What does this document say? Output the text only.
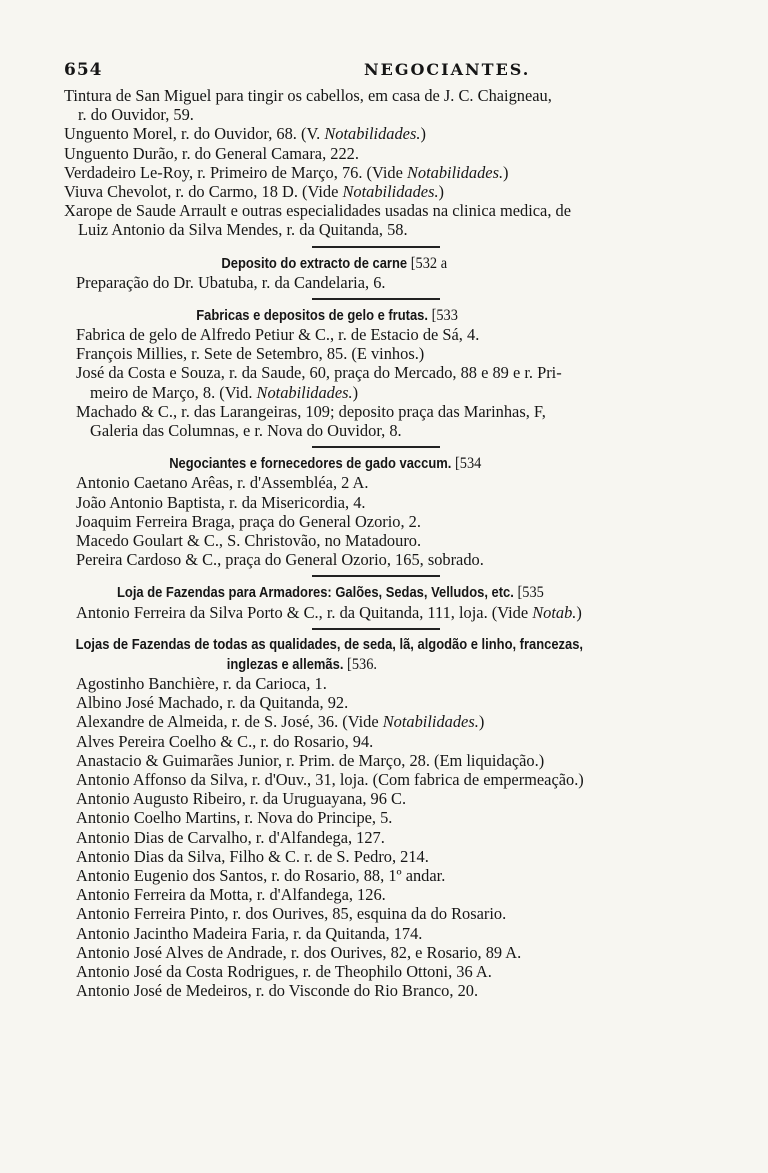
654	NEGOCIANTES.
Tintura de San Miguel para tingir os cabellos, em casa de J. C. Chaigneau,
r. do Ouvidor, 59.
Unguento Morel, r. do Ouvidor, 68. (V. Notabilidades.)
Unguento Durão, r. do General Camara, 222.
Verdadeiro Le-Roy, r. Primeiro de Março, 76. (Vide Notabilidades.)
Viuva Chevolot, r. do Carmo, 18 D. (Vide Notabilidades.)
Xarope de Saude Arrault e outras especialidades usadas na clinica medica, de
Luiz Antonio da Silva Mendes, r. da Quitanda, 58.
Deposito do extracto de carne [532 a
Preparação do Dr. Ubatuba, r. da Candelaria, 6.
Fabricas e depositos de gelo e frutas. [533
Fabrica de gelo de Alfredo Petiur & C., r. de Estacio de Sá, 4.
François Millies, r. Sete de Setembro, 85. (E vinhos.)
José da Costa e Souza, r. da Saude, 60, praça do Mercado, 88 e 89 e r. Pri-
meiro de Março, 8. (Vid. Notabilidades.)
Machado & C., r. das Larangeiras, 109; deposito praça das Marinhas, F,
Galeria das Columnas, e r. Nova do Ouvidor, 8.
Negociantes e fornecedores de gado vaccum. [534
Antonio Caetano Arêas, r. d'Assembléa, 2 A.
João Antonio Baptista, r. da Misericordia, 4.
Joaquim Ferreira Braga, praça do General Ozorio, 2.
Macedo Goulart & C., S. Christovão, no Matadouro.
Pereira Cardoso & C., praça do General Ozorio, 165, sobrado.
Loja de Fazendas para Armadores: Galões, Sedas, Velludos, etc. [535
Antonio Ferreira da Silva Porto & C., r. da Quitanda, 111, loja. (Vide Notab.)
Lojas de Fazendas de todas as qualidades, de seda, lã, algodão e linho, francezas,
inglezas e allemãs. [536.
Agostinho Banchière, r. da Carioca, 1.
Albino José Machado, r. da Quitanda, 92.
Alexandre de Almeida, r. de S. José, 36. (Vide Notabilidades.)
Alves Pereira Coelho & C., r. do Rosario, 94.
Anastacio & Guimarães Junior, r. Prim. de Março, 28. (Em liquidação.)
Antonio Affonso da Silva, r. d'Ouv., 31, loja. (Com fabrica de empermeação.)
Antonio Augusto Ribeiro, r. da Uruguayana, 96 C.
Antonio Coelho Martins, r. Nova do Principe, 5.
Antonio Dias de Carvalho, r. d'Alfandega, 127.
Antonio Dias da Silva, Filho & C. r. de S. Pedro, 214.
Antonio Eugenio dos Santos, r. do Rosario, 88, 1º andar.
Antonio Ferreira da Motta, r. d'Alfandega, 126.
Antonio Ferreira Pinto, r. dos Ourives, 85, esquina da do Rosario.
Antonio Jacintho Madeira Faria, r. da Quitanda, 174.
Antonio José Alves de Andrade, r. dos Ourives, 82, e Rosario, 89 A.
Antonio José da Costa Rodrigues, r. de Theophilo Ottoni, 36 A.
Antonio José de Medeiros, r. do Visconde do Rio Branco, 20.
